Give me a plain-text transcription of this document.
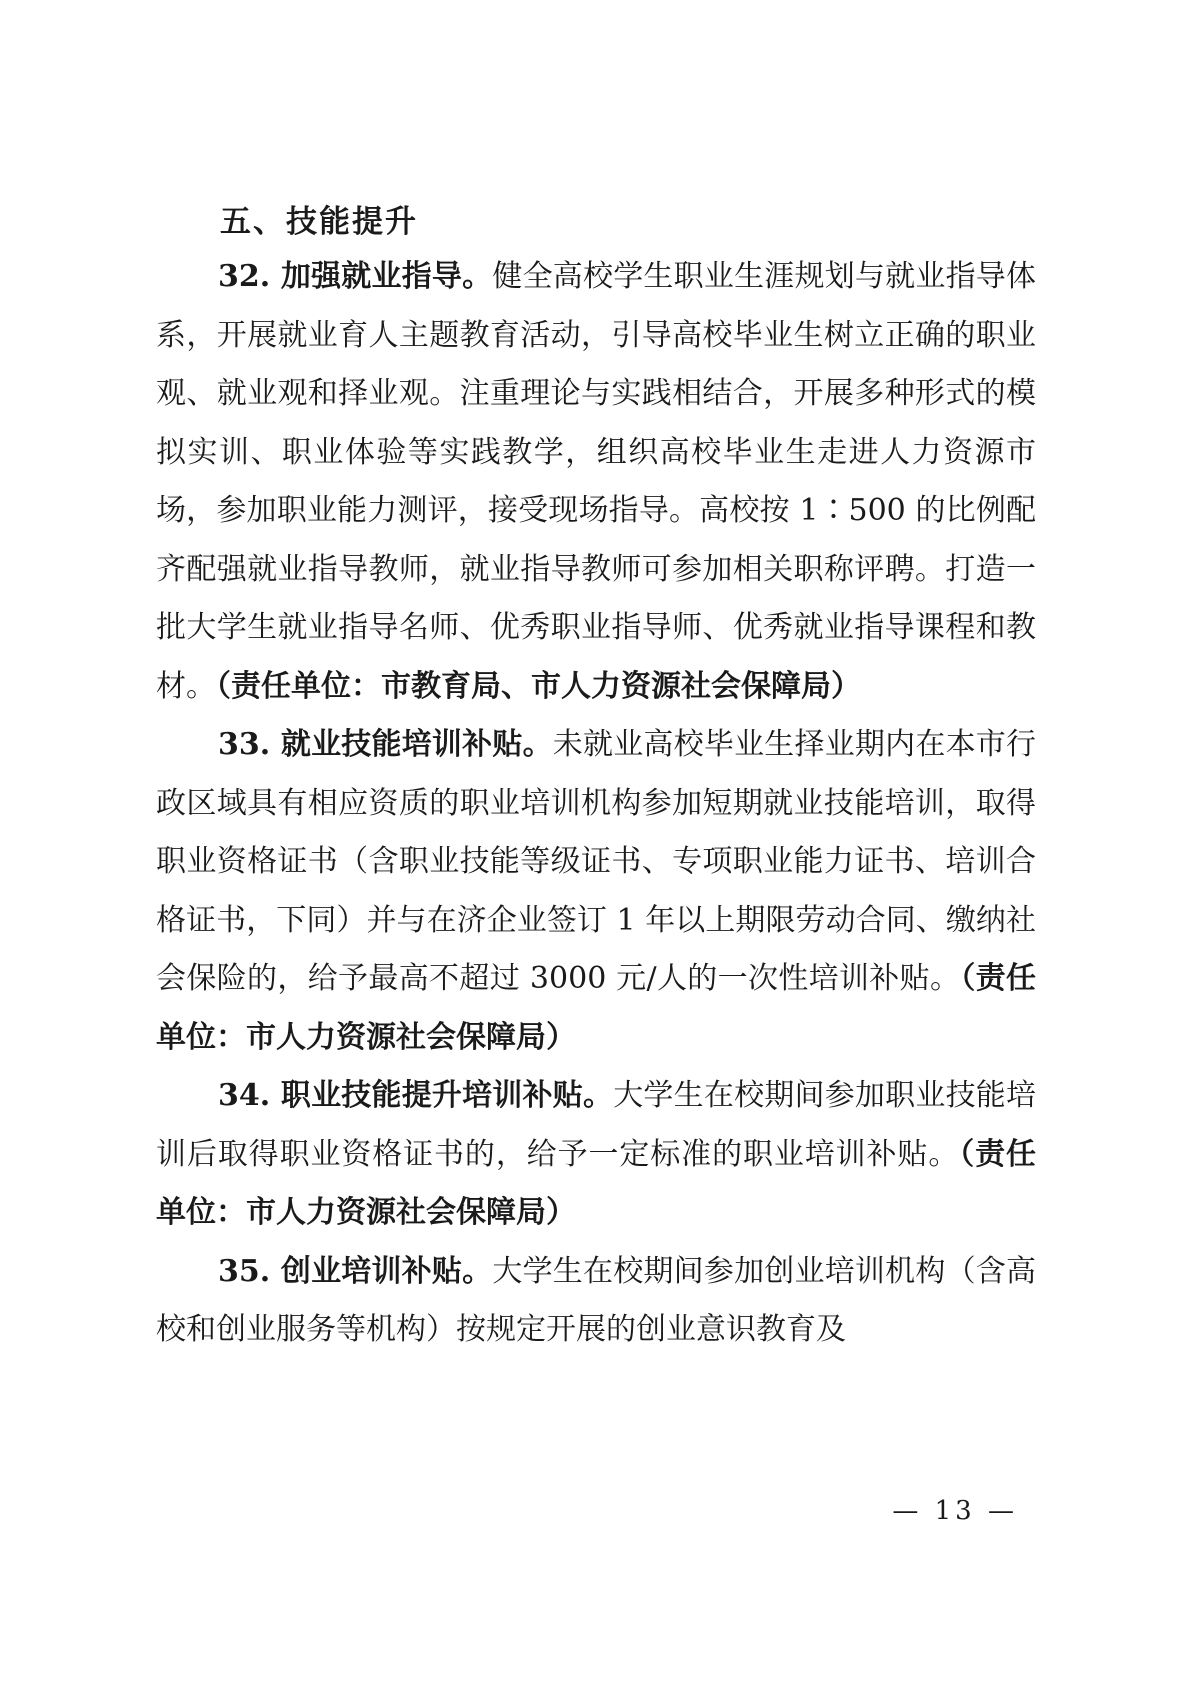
五、技能提升

32. 加强就业指导。健全高校学生职业生涯规划与就业指导体系，开展就业育人主题教育活动，引导高校毕业生树立正确的职业观、就业观和择业观。注重理论与实践相结合，开展多种形式的模拟实训、职业体验等实践教学，组织高校毕业生走进人力资源市场，参加职业能力测评，接受现场指导。高校按 1∶500 的比例配齐配强就业指导教师，就业指导教师可参加相关职称评聘。打造一批大学生就业指导名师、优秀职业指导师、优秀就业指导课程和教材。（责任单位：市教育局、市人力资源社会保障局）

33. 就业技能培训补贴。未就业高校毕业生择业期内在本市行政区域具有相应资质的职业培训机构参加短期就业技能培训，取得职业资格证书（含职业技能等级证书、专项职业能力证书、培训合格证书，下同）并与在济企业签订 1 年以上期限劳动合同、缴纳社会保险的，给予最高不超过 3000 元/人的一次性培训补贴。（责任单位：市人力资源社会保障局）

34. 职业技能提升培训补贴。大学生在校期间参加职业技能培训后取得职业资格证书的，给予一定标准的职业培训补贴。（责任单位：市人力资源社会保障局）

35. 创业培训补贴。大学生在校期间参加创业培训机构（含高校和创业服务等机构）按规定开展的创业意识教育及

— 13 —
